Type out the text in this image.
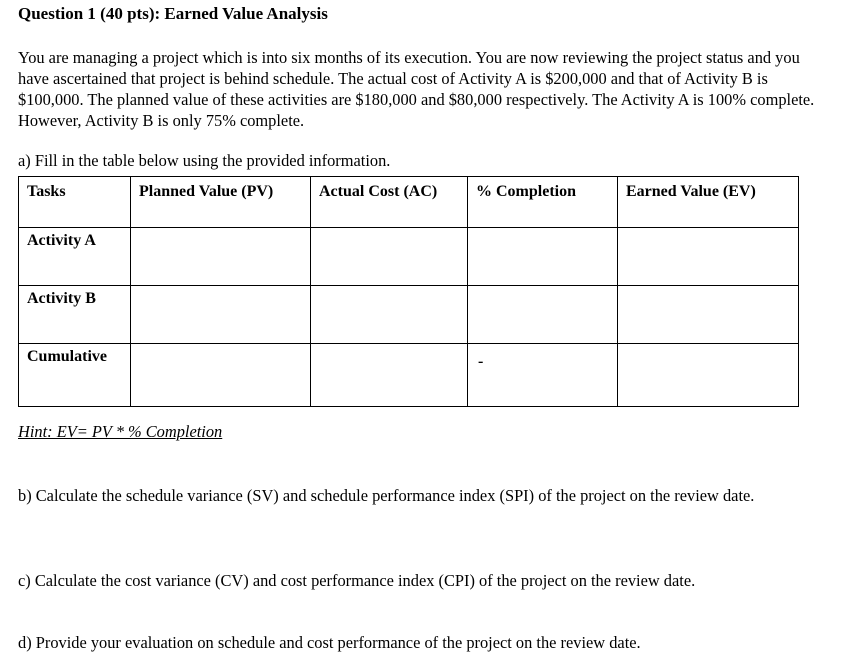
Question 1 (40 pts): Earned Value Analysis
You are managing a project which is into six months of its execution. You are now reviewing the project status and you have ascertained that project is behind schedule. The actual cost of Activity A is $200,000 and that of Activity B is $100,000. The planned value of these activities are $180,000 and $80,000 respectively. The Activity A is 100% complete. However, Activity B is only 75% complete.
a) Fill in the table below using the provided information.
Tasks	Planned Value (PV)	Actual Cost (AC)	% Completion	Earned Value (EV)
Activity A				
Activity B				
Cumulative			-	
Hint: EV= PV * % Completion
b) Calculate the schedule variance (SV) and schedule performance index (SPI) of the project on the review date.
c) Calculate the cost variance (CV) and cost performance index (CPI) of the project on the review date.
d) Provide your evaluation on schedule and cost performance of the project on the review date.
